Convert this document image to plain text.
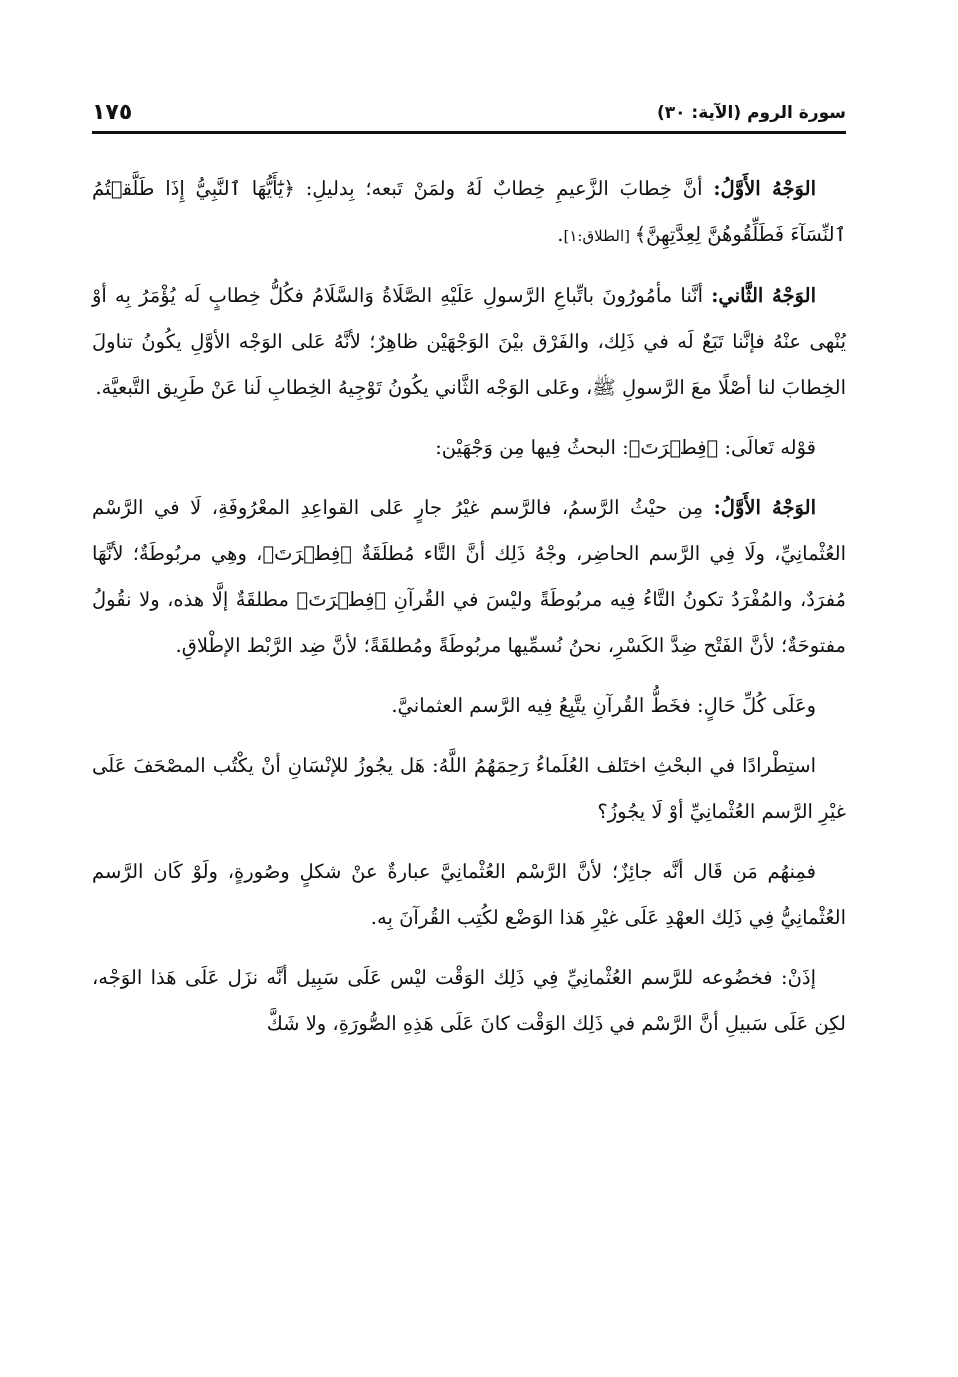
١٧٥	سورة الروم (الآية: ٣٠)

الوَجْهُ الأَوَّلُ: أنَّ خِطابَ الزَّعيمِ خِطابٌ لَهُ ولمَنْ تَبعه؛ بِدليلِ: ﴿يَٰٓأَيُّهَا ٱلنَّبِيُّ إِذَا طَلَّقۡتُمُ ٱلنِّسَآءَ فَطَلِّقُوهُنَّ لِعِدَّتِهِنَّ﴾ [الطلاق:١].

الوَجْهُ الثَّاني: أنَّنا مأمُورُونَ باتِّباعِ الرَّسولِ عَلَيْهِ الصَّلَاةُ وَالسَّلَامُ فكُلُّ خِطابٍ لَه يُؤْمَرُ بِه أوْ يُنْهى عنْهُ فإنَّنا تَبَعٌ لَه في ذَلِك، والفَرْق بيْنَ الوَجْهَيْن ظاهِرٌ؛ لأنَّهُ عَلى الوَجْه الأوَّلِ يكُونُ تناولَ الخِطابَ لنا أصْلًا معَ الرَّسولِ ﷺ، وعَلى الوَجْه الثَّاني يكُونُ تَوْجِيهُ الخِطابِ لَنا عَنْ طَرِيق التَّبعيَّة.

قوْله تَعالَى: ﴿فِطۡرَتَ﴾: البحثُ فِيها مِن وَجْهَيْن:

الوَجْهُ الأَوَّلُ: مِن حيْثُ الرَّسمُ، فالرَّسم غيْرُ جارٍ عَلى القواعِدِ المعْرُوفَةِ، لَا في الرَّسْم العُثْمانِيِّ، ولَا فِي الرَّسم الحاضِر، وجْهُ ذَلِك أنَّ التَّاء مُطلَقَةٌ ﴿فِطۡرَتَ﴾، وهِي مربُوطَةٌ؛ لأنَّهَا مُفرَدٌ، والمُفْرَدُ تكونُ التَّاءُ فِيه مربُوطَةً وليْسَ في القُرآنِ ﴿فِطۡرَتَ﴾ مطلقَةٌ إلَّا هذه، ولا نقُولُ مفتوحَةٌ؛ لأنَّ الفَتْح ضِدَّ الكَسْرِ، نحنُ نُسمِّيها مربُوطَةً ومُطلقَةً؛ لأنَّ ضِد الرَّبْط الإطْلاقِ.

وعَلَى كُلِّ حَالٍ: فخَطُّ القُرآنِ يتَّبِعُ فِيه الرَّسم العثمانيَّ.

استِطْرادًا في البحْثِ اختَلف العُلَماءُ رَحِمَهُمُ اللَّهُ: هَل يجُوزُ للإنْسَانِ أنْ يكْتُب المصْحَفَ عَلَى غيْرِ الرَّسم العُثْمانِيِّ أوْ لَا يجُوزُ؟

فمِنهُم مَن قَال أنَّه جائِزٌ؛ لأنَّ الرَّسْم العُثْمانِيَّ عبارةٌ عنْ شكلٍ وصُورةٍ، ولَوْ كَان الرَّسم العُثْمانِيُّ فِي ذَلِك العهْدِ عَلَى غيْرِ هَذا الوَضْع لكُتِب القُرآنَ بِه.

إذَنْ: فخضُوعه للرَّسم العُثْمانِيِّ فِي ذَلِك الوَقْت ليْس عَلَى سَبِيل أنَّه نزَل عَلَى هَذا الوَجْه، لكِن عَلَى سَبيلِ أنَّ الرَّسْم في ذَلِك الوَقْت كانَ عَلَى هَذِهِ الصُّورَةِ، ولا شَكَّ
